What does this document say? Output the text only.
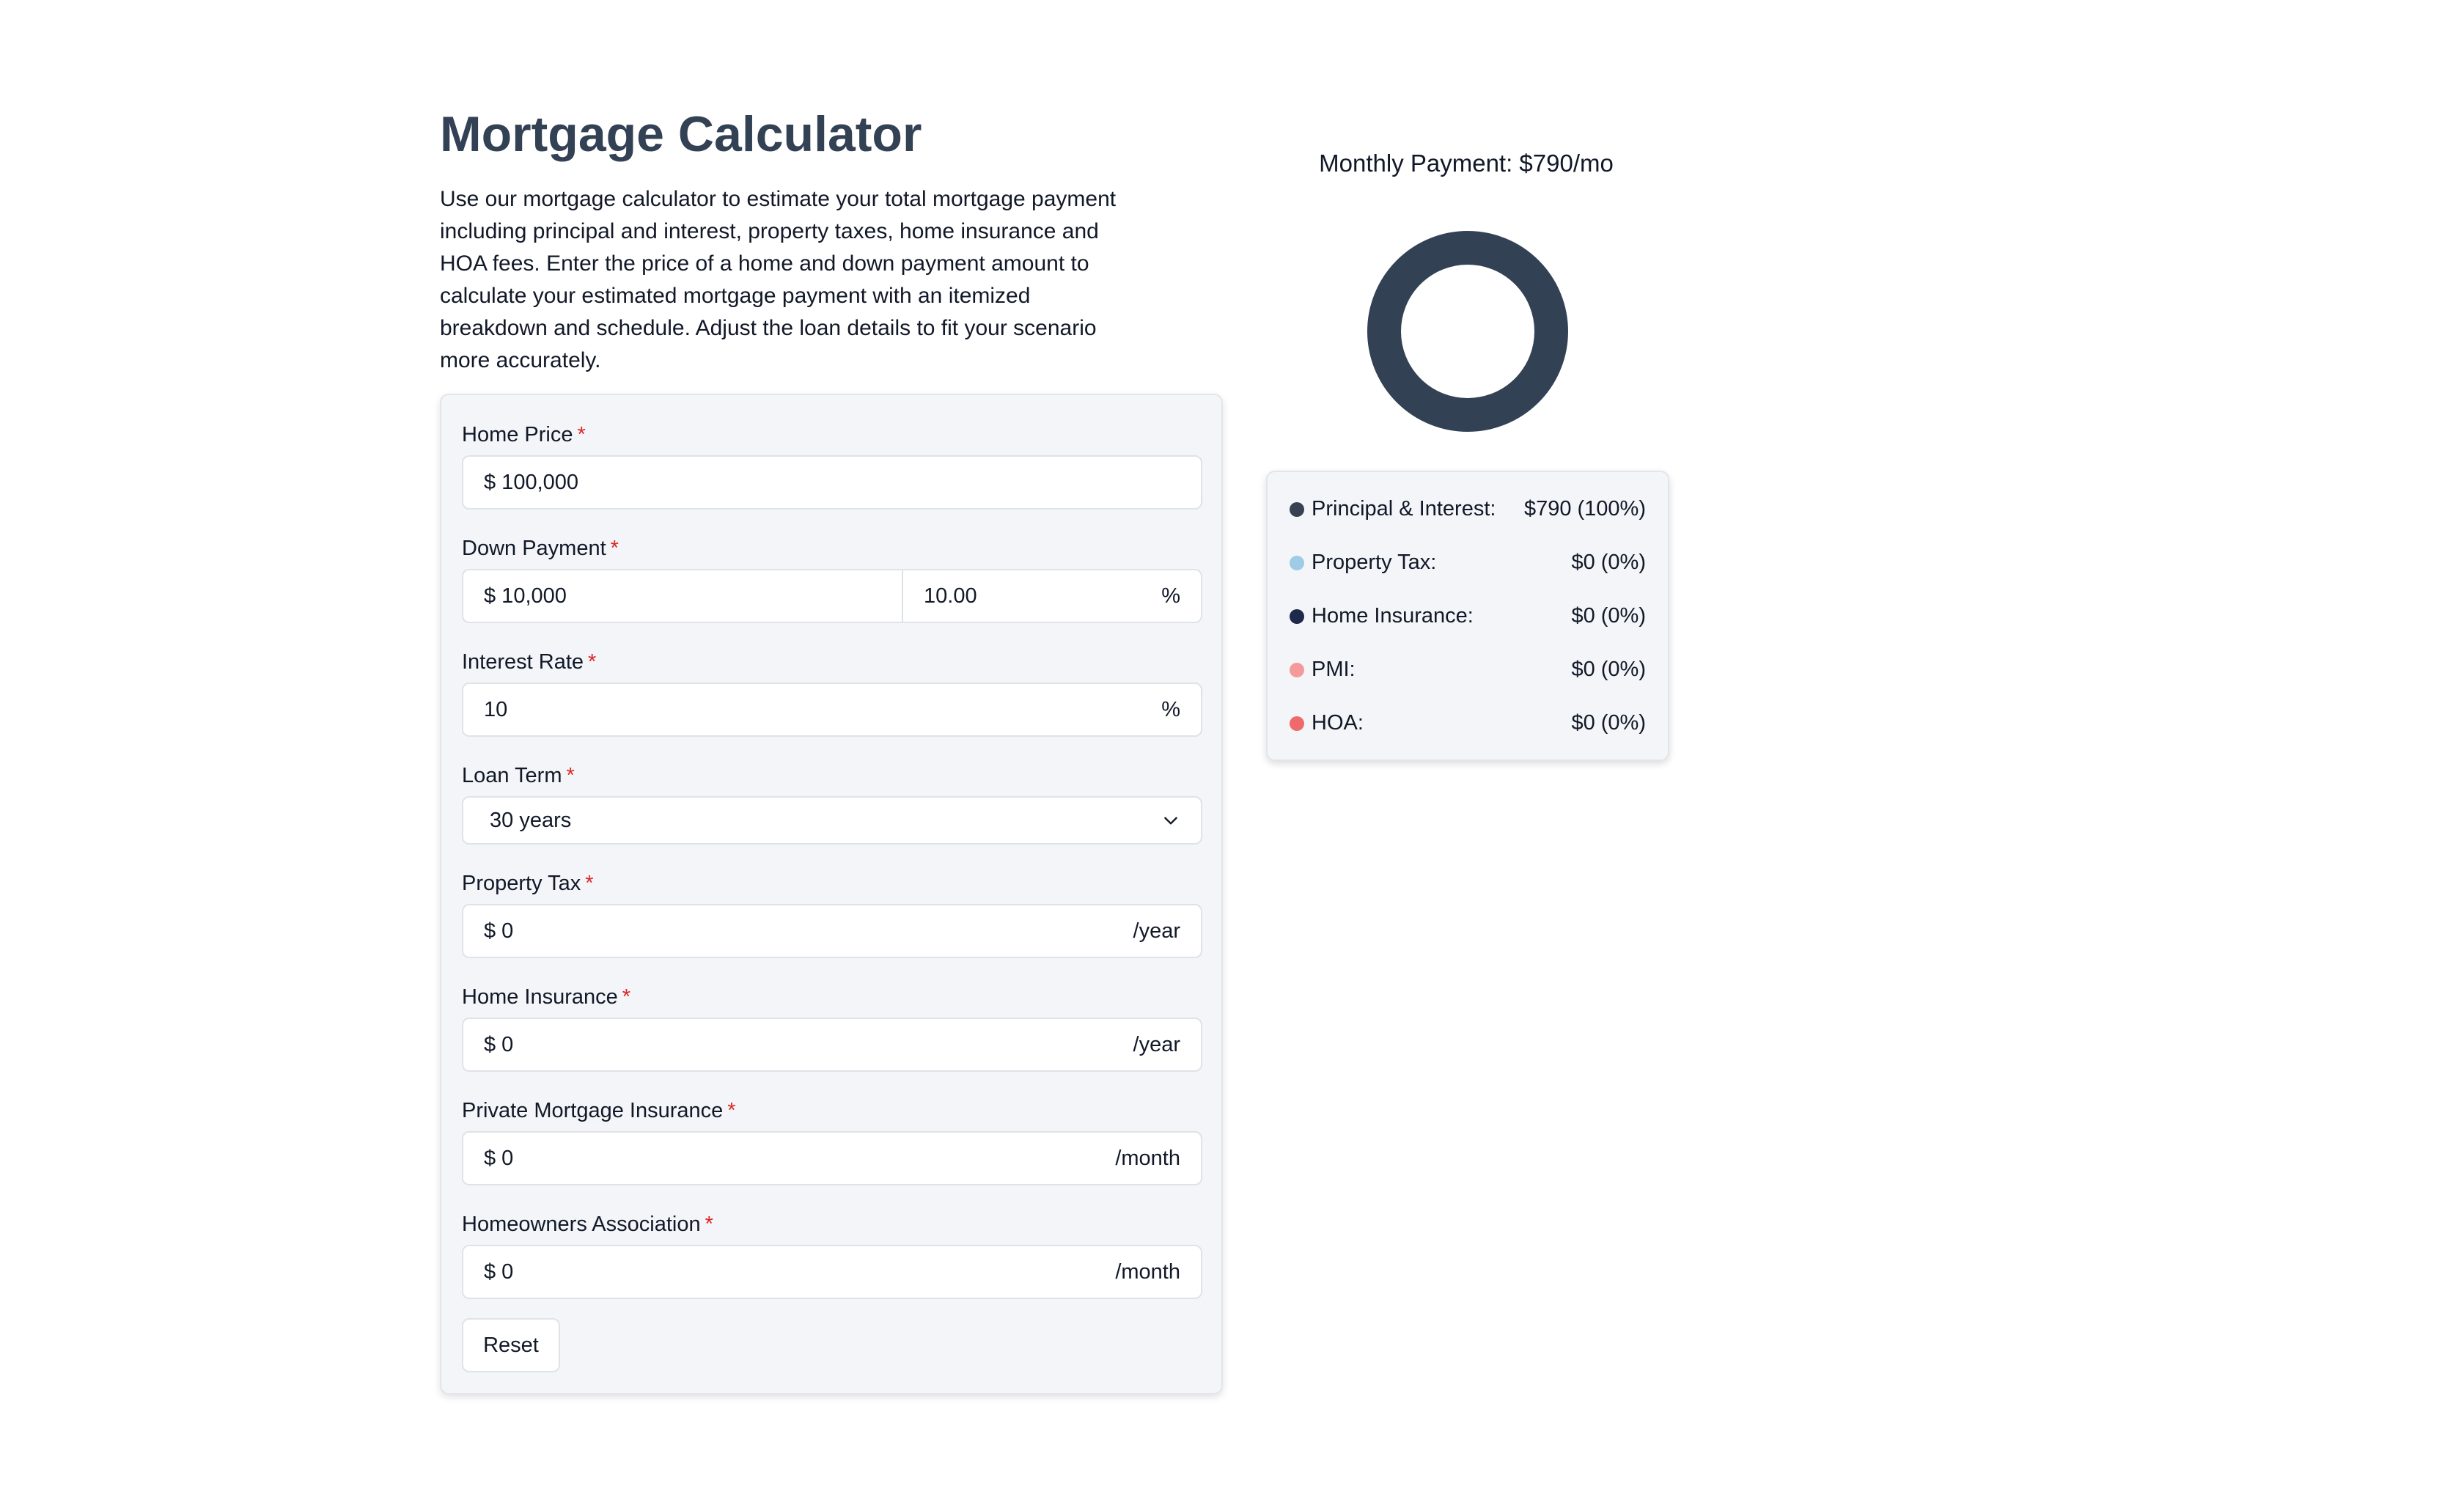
Mortgage Calculator

Use our mortgage calculator to estimate your total mortgage payment including principal and interest, property taxes, home insurance and HOA fees. Enter the price of a home and down payment amount to calculate your estimated mortgage payment with an itemized breakdown and schedule. Adjust the loan details to fit your scenario more accurately.

Home Price *
$ 100,000
Down Payment *
$ 10,000	10.00	%
Interest Rate *
10	%
Loan Term *
30 years
Property Tax *
$ 0	/year
Home Insurance *
$ 0	/year
Private Mortgage Insurance *
$ 0	/month
Homeowners Association *
$ 0	/month
Reset
Monthly Payment: $790/mo
Principal & Interest:	$790 (100%)
Property Tax:	$0 (0%)
Home Insurance:	$0 (0%)
PMI:	$0 (0%)
HOA:	$0 (0%)
